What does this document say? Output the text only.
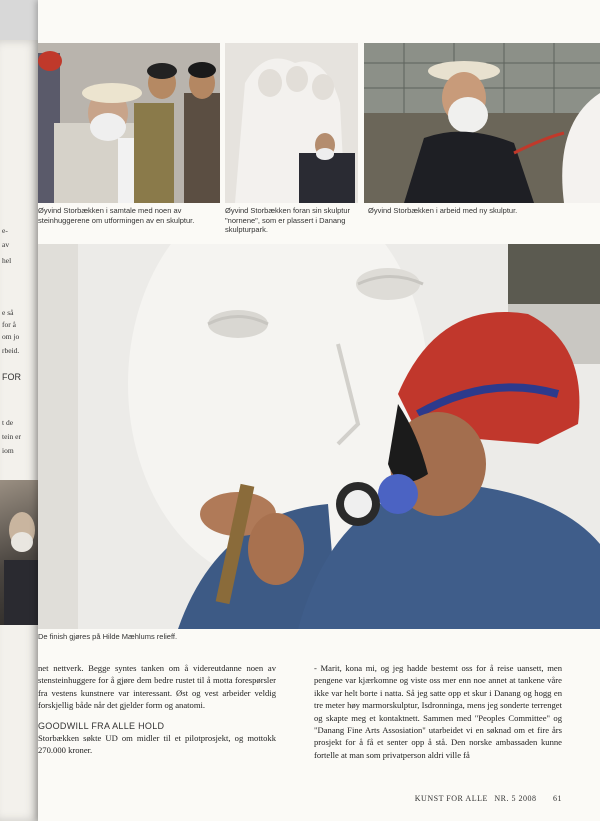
e-
av
hel
e så
for å
om jo
rbeid.
FOR
t de
tein er
iom
Øyvind Storbækken i samtale med noen av steinhuggerene om utformingen av en skulptur.
Øyvind Storbækken foran sin skulptur "nornene", som er plassert i Danang skulpturpark.
Øyvind Storbækken i arbeid med ny skulptur.
De finish gjøres på Hilde Mæhlums relieff.

net nettverk. Begge syntes tanken om å videreutdanne noen av stensteinhuggere for å gjøre dem bedre rustet til å motta forespørsler fra vestens kunstnere var interessant. Øst og vest arbeider veldig forskjellig både når det gjelder form og anatomi.

GOODWILL FRA ALLE HOLD

Storbækken søkte UD om midler til et pilotprosjekt, og mottokk 270.000 kroner.

- Marit, kona mi, og jeg hadde bestemt oss for å reise uansett, men pengene var kjærkomne og viste oss mer enn noe annet at tankene våre ikke var helt borte i natta. Så jeg satte opp et skur i Danang og hogg en tre meter høy marmorskulptur, Isdronninga, mens jeg sonderte terrenget og skapte meg et kontaktnett. Sammen med "Peoples Committee" og "Danang Fine Arts Assosiation" utarbeidet vi en søknad om et fire års prosjekt for å få et senter opp å stå. Den norske ambassaden kunne fortelle at man som privatperson aldri ville få

KUNST FOR ALLE NR. 5 2008 61
